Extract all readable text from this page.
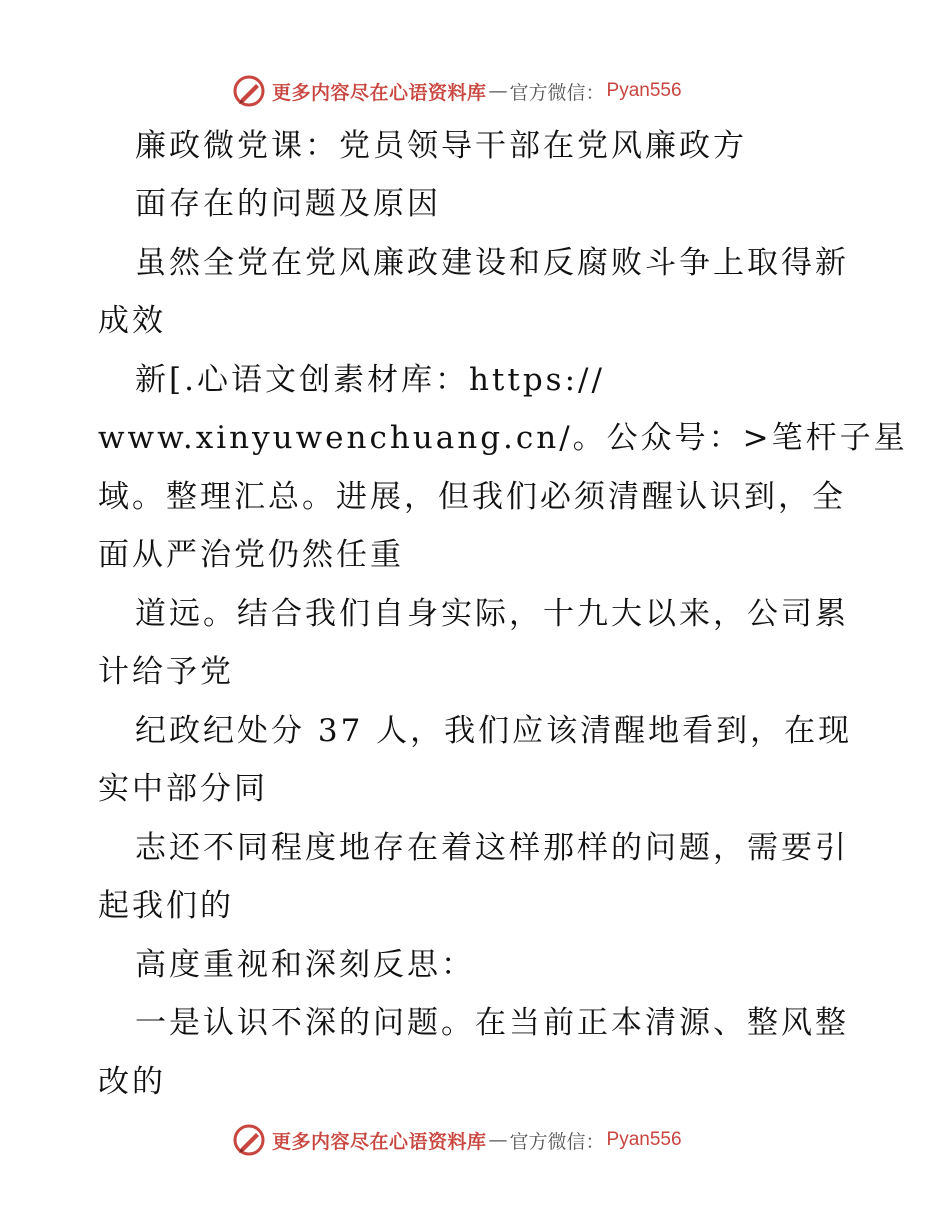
更多内容尽在心语资料库 — 官方微信： Pyan556
廉政微党课：党员领导干部在党风廉政方
面存在的问题及原因
虽然全党在党风廉政建设和反腐败斗争上取得新
成效
新[.心语文创素材库：https://
www.xinyuwenchuang.cn/。公众号：>笔杆子星
域。整理汇总。进展，但我们必须清醒认识到，全
面从严治党仍然任重
道远。结合我们自身实际，十九大以来，公司累
计给予党
纪政纪处分 37 人，我们应该清醒地看到，在现
实中部分同
志还不同程度地存在着这样那样的问题，需要引
起我们的
高度重视和深刻反思：
一是认识不深的问题。在当前正本清源、整风整
改的
更多内容尽在心语资料库 — 官方微信： Pyan556
